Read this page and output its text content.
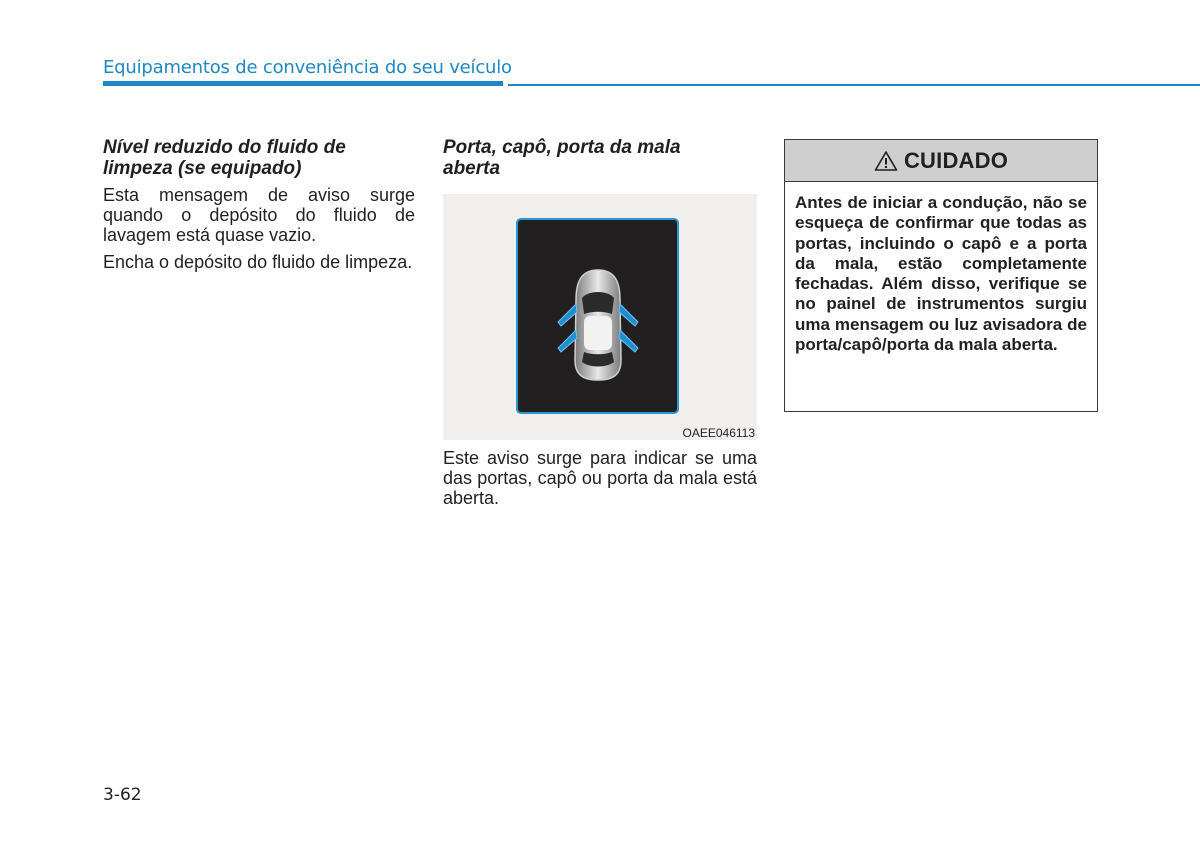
Equipamentos de conveniência do seu veículo
Nível reduzido do fluido de limpeza (se equipado)

Esta mensagem de aviso surge quando o depósito do fluido de lavagem está quase vazio.

Encha o depósito do fluido de limpeza.

Porta, capô, porta da mala aberta
OAEE046113

Este aviso surge para indicar se uma das portas, capô ou porta da mala está aberta.

CUIDADO
Antes de iniciar a condução, não se esqueça de confirmar que todas as portas, incluindo o capô e a porta da mala, estão completamente fechadas. Além disso, verifique se no painel de instrumentos surgiu uma mensagem ou luz avisadora de porta/capô/porta da mala aberta.
3-62
